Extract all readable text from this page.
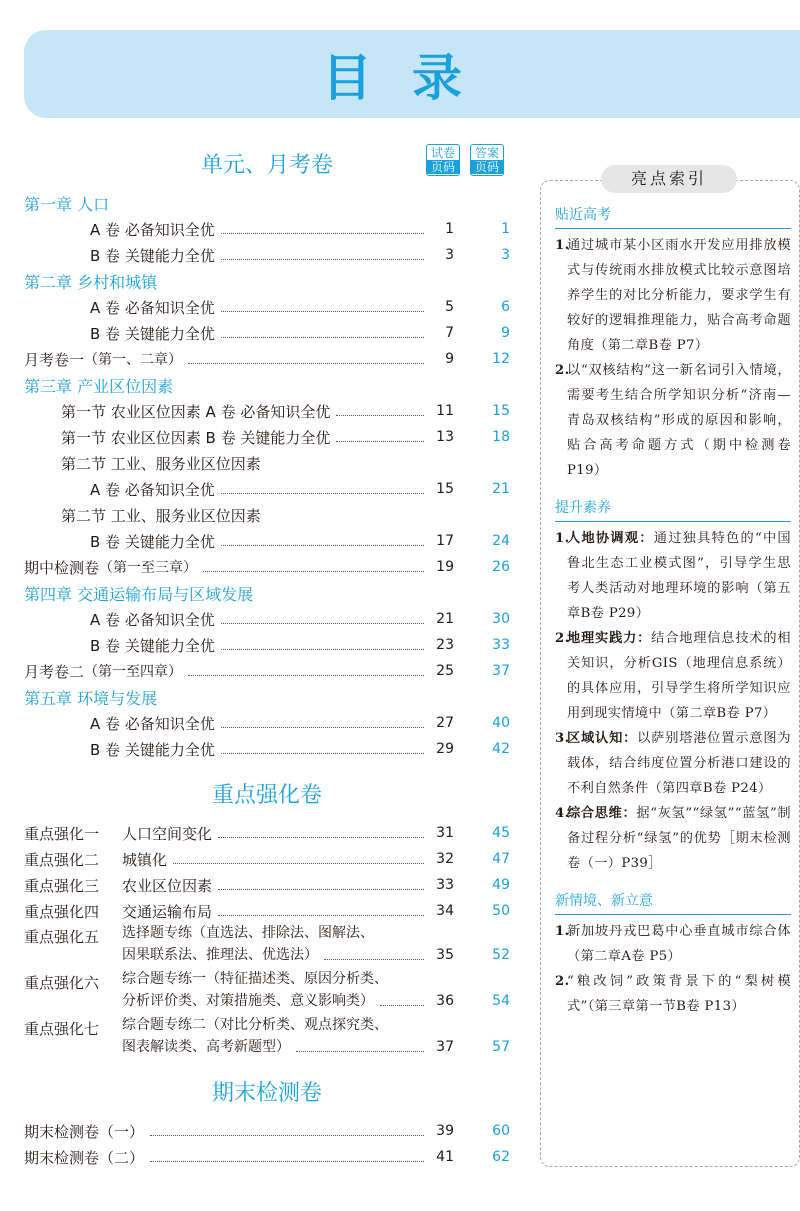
目录
单元、月考卷	试卷
页码
答案
页码
第一章 人口
A 卷 必备知识全优	1	1
B 卷 关键能力全优	3	3
第二章 乡村和城镇
A 卷 必备知识全优	5	6
B 卷 关键能力全优	7	9
月考卷一 （第一、二章）	9	12
第三章 产业区位因素
第一节 农业区位因素 A 卷 必备知识全优	11	15
第一节 农业区位因素 B 卷 关键能力全优	13	18
第二节 工业、服务业区位因素
A 卷 必备知识全优	15	21
第二节 工业、服务业区位因素
B 卷 关键能力全优	17	24
期中检测卷 （第一至三章）	19	26
第四章 交通运输布局与区域发展
A 卷 必备知识全优	21	30
B 卷 关键能力全优	23	33
月考卷二 （第一至四章）	25	37
第五章 环境与发展
A 卷 必备知识全优	27	40
B 卷 关键能力全优	29	42
重点强化卷
重点强化一	人口空间变化	31	45
重点强化二	城镇化	32	47
重点强化三	农业区位因素	33	49
重点强化四	交通运输布局	34	50
重点强化五	选择题专练（直选法、排除法、图解法、
因果联系法、推理法、优选法）	35	52
重点强化六	综合题专练一（特征描述类、原因分析类、
分析评价类、对策措施类、意义影响类）	36	54
重点强化七	综合题专练二（对比分析类、观点探究类、
图表解读类、高考新题型）	37	57
期末检测卷
期末检测卷（一）	39	60
期末检测卷（二）	41	62
亮点索引
贴近高考
1.
通过城市某小区雨水开发应用排放模式与传统雨水排放模式比较示意图培养学生的对比分析能力，要求学生有较好的逻辑推理能力，贴合高考命题角度（第二章B卷 P7）
2.
以“双核结构”这一新名词引入情境，需要考生结合所学知识分析“济南—青岛双核结构”形成的原因和影响，贴合高考命题方式（期中检测卷 P19）
提升素养
1.
人地协调观：通过独具特色的“中国鲁北生态工业模式图”，引导学生思考人类活动对地理环境的影响（第五章B卷 P29）
2.
地理实践力：结合地理信息技术的相关知识，分析GIS（地理信息系统）的具体应用，引导学生将所学知识应用到现实情境中（第二章B卷 P7）
3.
区域认知：以萨别塔港位置示意图为载体，结合纬度位置分析港口建设的不利自然条件（第四章B卷 P24）
4.
综合思维：据“灰氢”“绿氢”“蓝氢”制备过程分析“绿氢”的优势［期末检测卷（一）P39］
新情境、新立意
1.
新加坡丹戎巴葛中心垂直城市综合体（第二章A卷 P5）
2.
“粮改饲”政策背景下的“梨树模式”（第三章第一节B卷 P13）
